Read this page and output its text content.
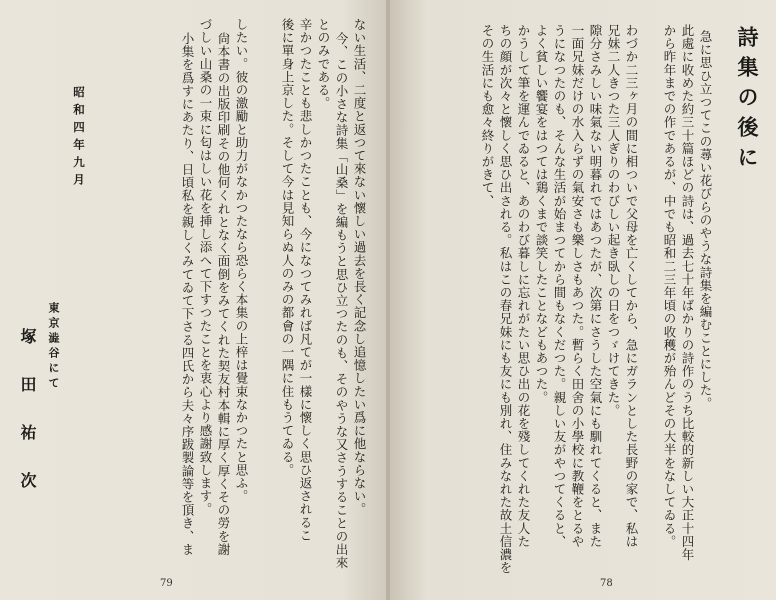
後に單身上京した。そして今は見知らぬ人のみの都會の一隅に住もうてゐる。 辛かつたことも悲しかつたことも、今になつてみれば凡てが一樣に懷しく思ひ返されるこ とのみである。 今、この小さな詩集「山桑」を編もうと思ひ立つたのも、そのやうな又さうすることの出來 ない生活、二度と返つて來ない懷しい過去を長く記念し追憶したい爲に他ならない。
小集を爲すにあたり、日頃私を親しくみてゐて下さる四氏から夫々序跋製論等を頂き、ま づしい山桑の一束に匂はしい花を挿し添へて下すつたことを衷心より感謝致します。 尙本書の出版印刷その他何くれとなく面倒をみてくれた契友村本輯に厚く厚くその勞を謝 したい。彼の激勵と助力がなかつたなら恐らく本集の上梓は覺束なかつたと思ふ。
昭和四年九月
東京澁谷にて
塚田祐次
79
詩集の後に
急に思ひ立つてこの蕁い花びらのやうな詩集を編むことにした。
此處に收めた約三十篇ほどの詩は、過去七十年ばかりの詩作のうち比較的新しい大正十四年
から昨年までの作であるが、中でも昭和二三年頃の收穫が殆んどその大半をなしてゐる。
わづか二三ヶ月の間に相ついで父母を亡くしてから、急にガランとした長野の家で、私は
兄妹二人きつた三人ぎりのわびしい起き臥しの日をつゞけてきた。
隙分さみしい味氣ない明暮れではあつたが、次第にさうした空氣にも馴れてくると、また
一面兄妹だけの水入らずの氣安さも樂しさもあつた。暫らく田舍の小學校に教鞭をとるや
うになつたのも、そんな生活が始まつてから間もなくだつた。親しい友がやつてくると、
よく貧しい饗宴をはつては鶏くまで談笑したことなどもあつた。
かうして筆を運んでゐると、あのわび暮しに忘れがたい思ひ出の花を殘してくれた友人た
ちの顔が次々と懷しく思ひ出される。私はこの春兄妹にも友にも別れ、住みなれた故土信濃を
その生活にも愈々終りがきて、
78
